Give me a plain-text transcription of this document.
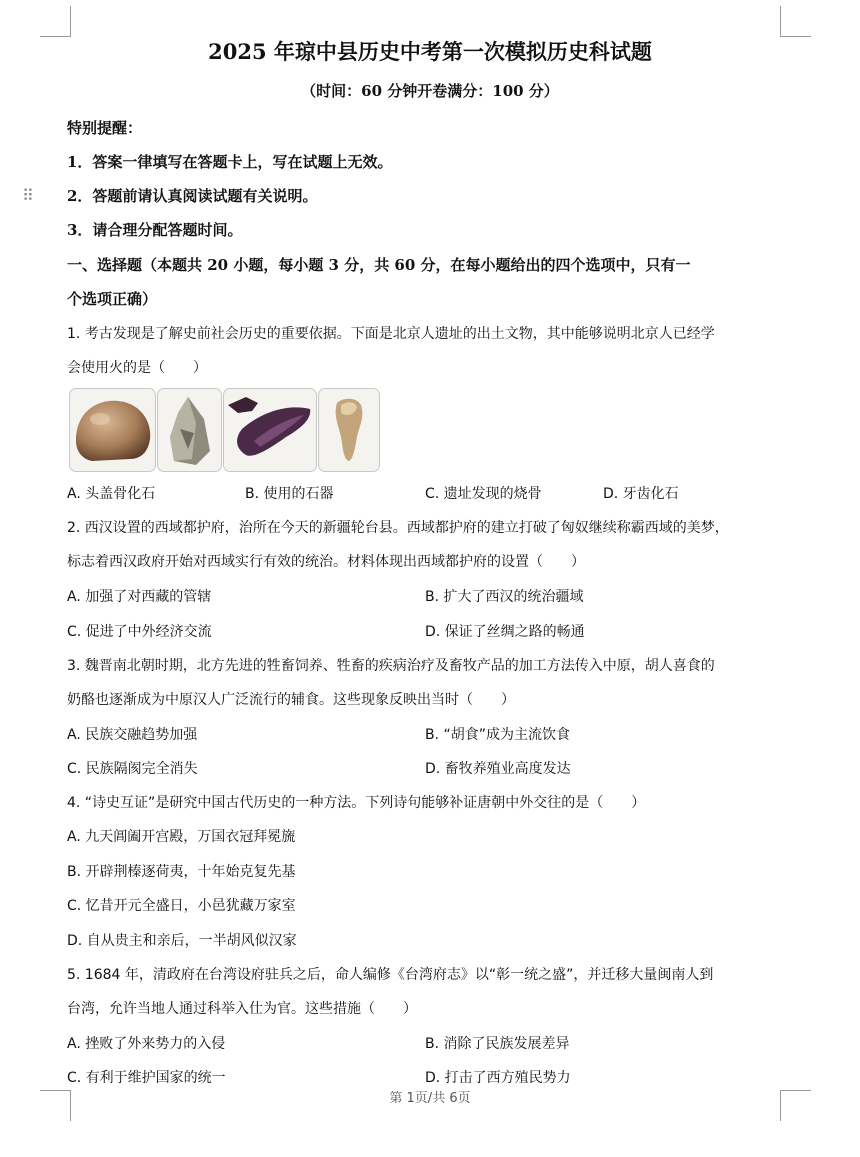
⠿
2025 年琼中县历史中考第一次模拟历史科试题
（时间：60 分钟开卷满分：100 分）
特别提醒：
1．答案一律填写在答题卡上，写在试题上无效。
2．答题前请认真阅读试题有关说明。
3．请合理分配答题时间。
一、选择题（本题共 20 小题，每小题 3 分，共 60 分，在每小题给出的四个选项中，只有一
个选项正确）
1. 考古发现是了解史前社会历史的重要依据。下面是北京人遗址的出土文物，其中能够说明北京人已经学
会使用火的是（　　）
A. 头盖骨化石	B. 使用的石器	C. 遗址发现的烧骨	D. 牙齿化石
2. 西汉设置的西域都护府，治所在今天的新疆轮台县。西域都护府的建立打破了匈奴继续称霸西域的美梦，
标志着西汉政府开始对西域实行有效的统治。材料体现出西域都护府的设置（　　）
A. 加强了对西藏的管辖	B. 扩大了西汉的统治疆域
C. 促进了中外经济交流	D. 保证了丝绸之路的畅通
3. 魏晋南北朝时期，北方先进的牲畜饲养、牲畜的疾病治疗及畜牧产品的加工方法传入中原，胡人喜食的
奶酪也逐渐成为中原汉人广泛流行的辅食。这些现象反映出当时（　　）
A. 民族交融趋势加强	B. “胡食”成为主流饮食
C. 民族隔阂完全消失	D. 畜牧养殖业高度发达
4. “诗史互证”是研究中国古代历史的一种方法。下列诗句能够补证唐朝中外交往的是（　　）
A. 九天阊阖开宫殿，万国衣冠拜冕旒
B. 开辟荆榛逐荷夷，十年始克复先基
C. 忆昔开元全盛日，小邑犹藏万家室
D. 自从贵主和亲后，一半胡风似汉家
5. 1684 年，清政府在台湾设府驻兵之后，命人编修《台湾府志》以“彰一统之盛”，并迁移大量闽南人到
台湾，允许当地人通过科举入仕为官。这些措施（　　）
A. 挫败了外来势力的入侵	B. 消除了民族发展差异
C. 有利于维护国家的统一	D. 打击了西方殖民势力
第 1页/共 6页
